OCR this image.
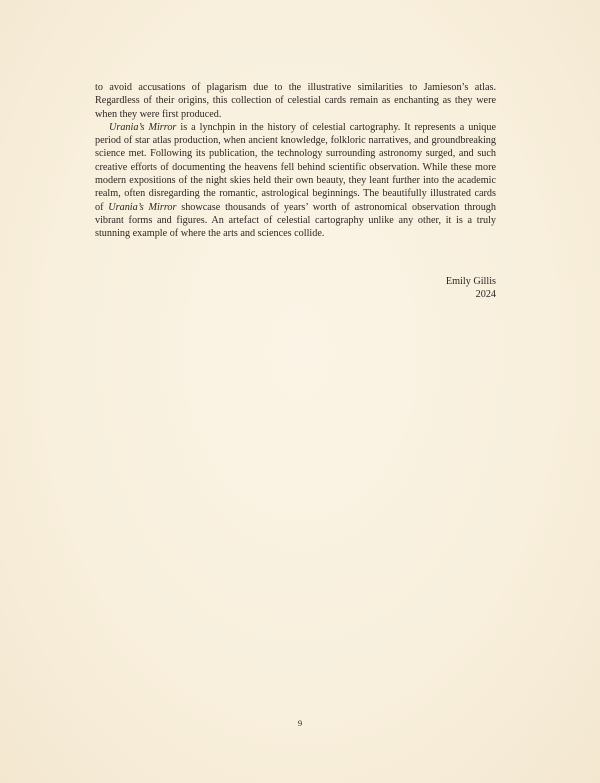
to avoid accusations of plagarism due to the illustrative similarities to Jamieson’s atlas. Regardless of their origins, this collection of celestial cards remain as enchanting as they were when they were first produced.

Urania’s Mirror is a lynchpin in the history of celestial cartography. It represents a unique period of star atlas production, when ancient knowledge, folkloric narratives, and groundbreaking science met. Following its publication, the technology surrounding astronomy surged, and such creative efforts of documenting the heavens fell behind scientific observation. While these more modern expositions of the night skies held their own beauty, they leant further into the academic realm, often disregarding the romantic, astrological beginnings. The beautifully illustrated cards of Urania’s Mirror showcase thousands of years’ worth of astronomical observation through vibrant forms and figures. An artefact of celestial cartography unlike any other, it is a truly stunning example of where the arts and sciences collide.

Emily Gillis
2024
9
